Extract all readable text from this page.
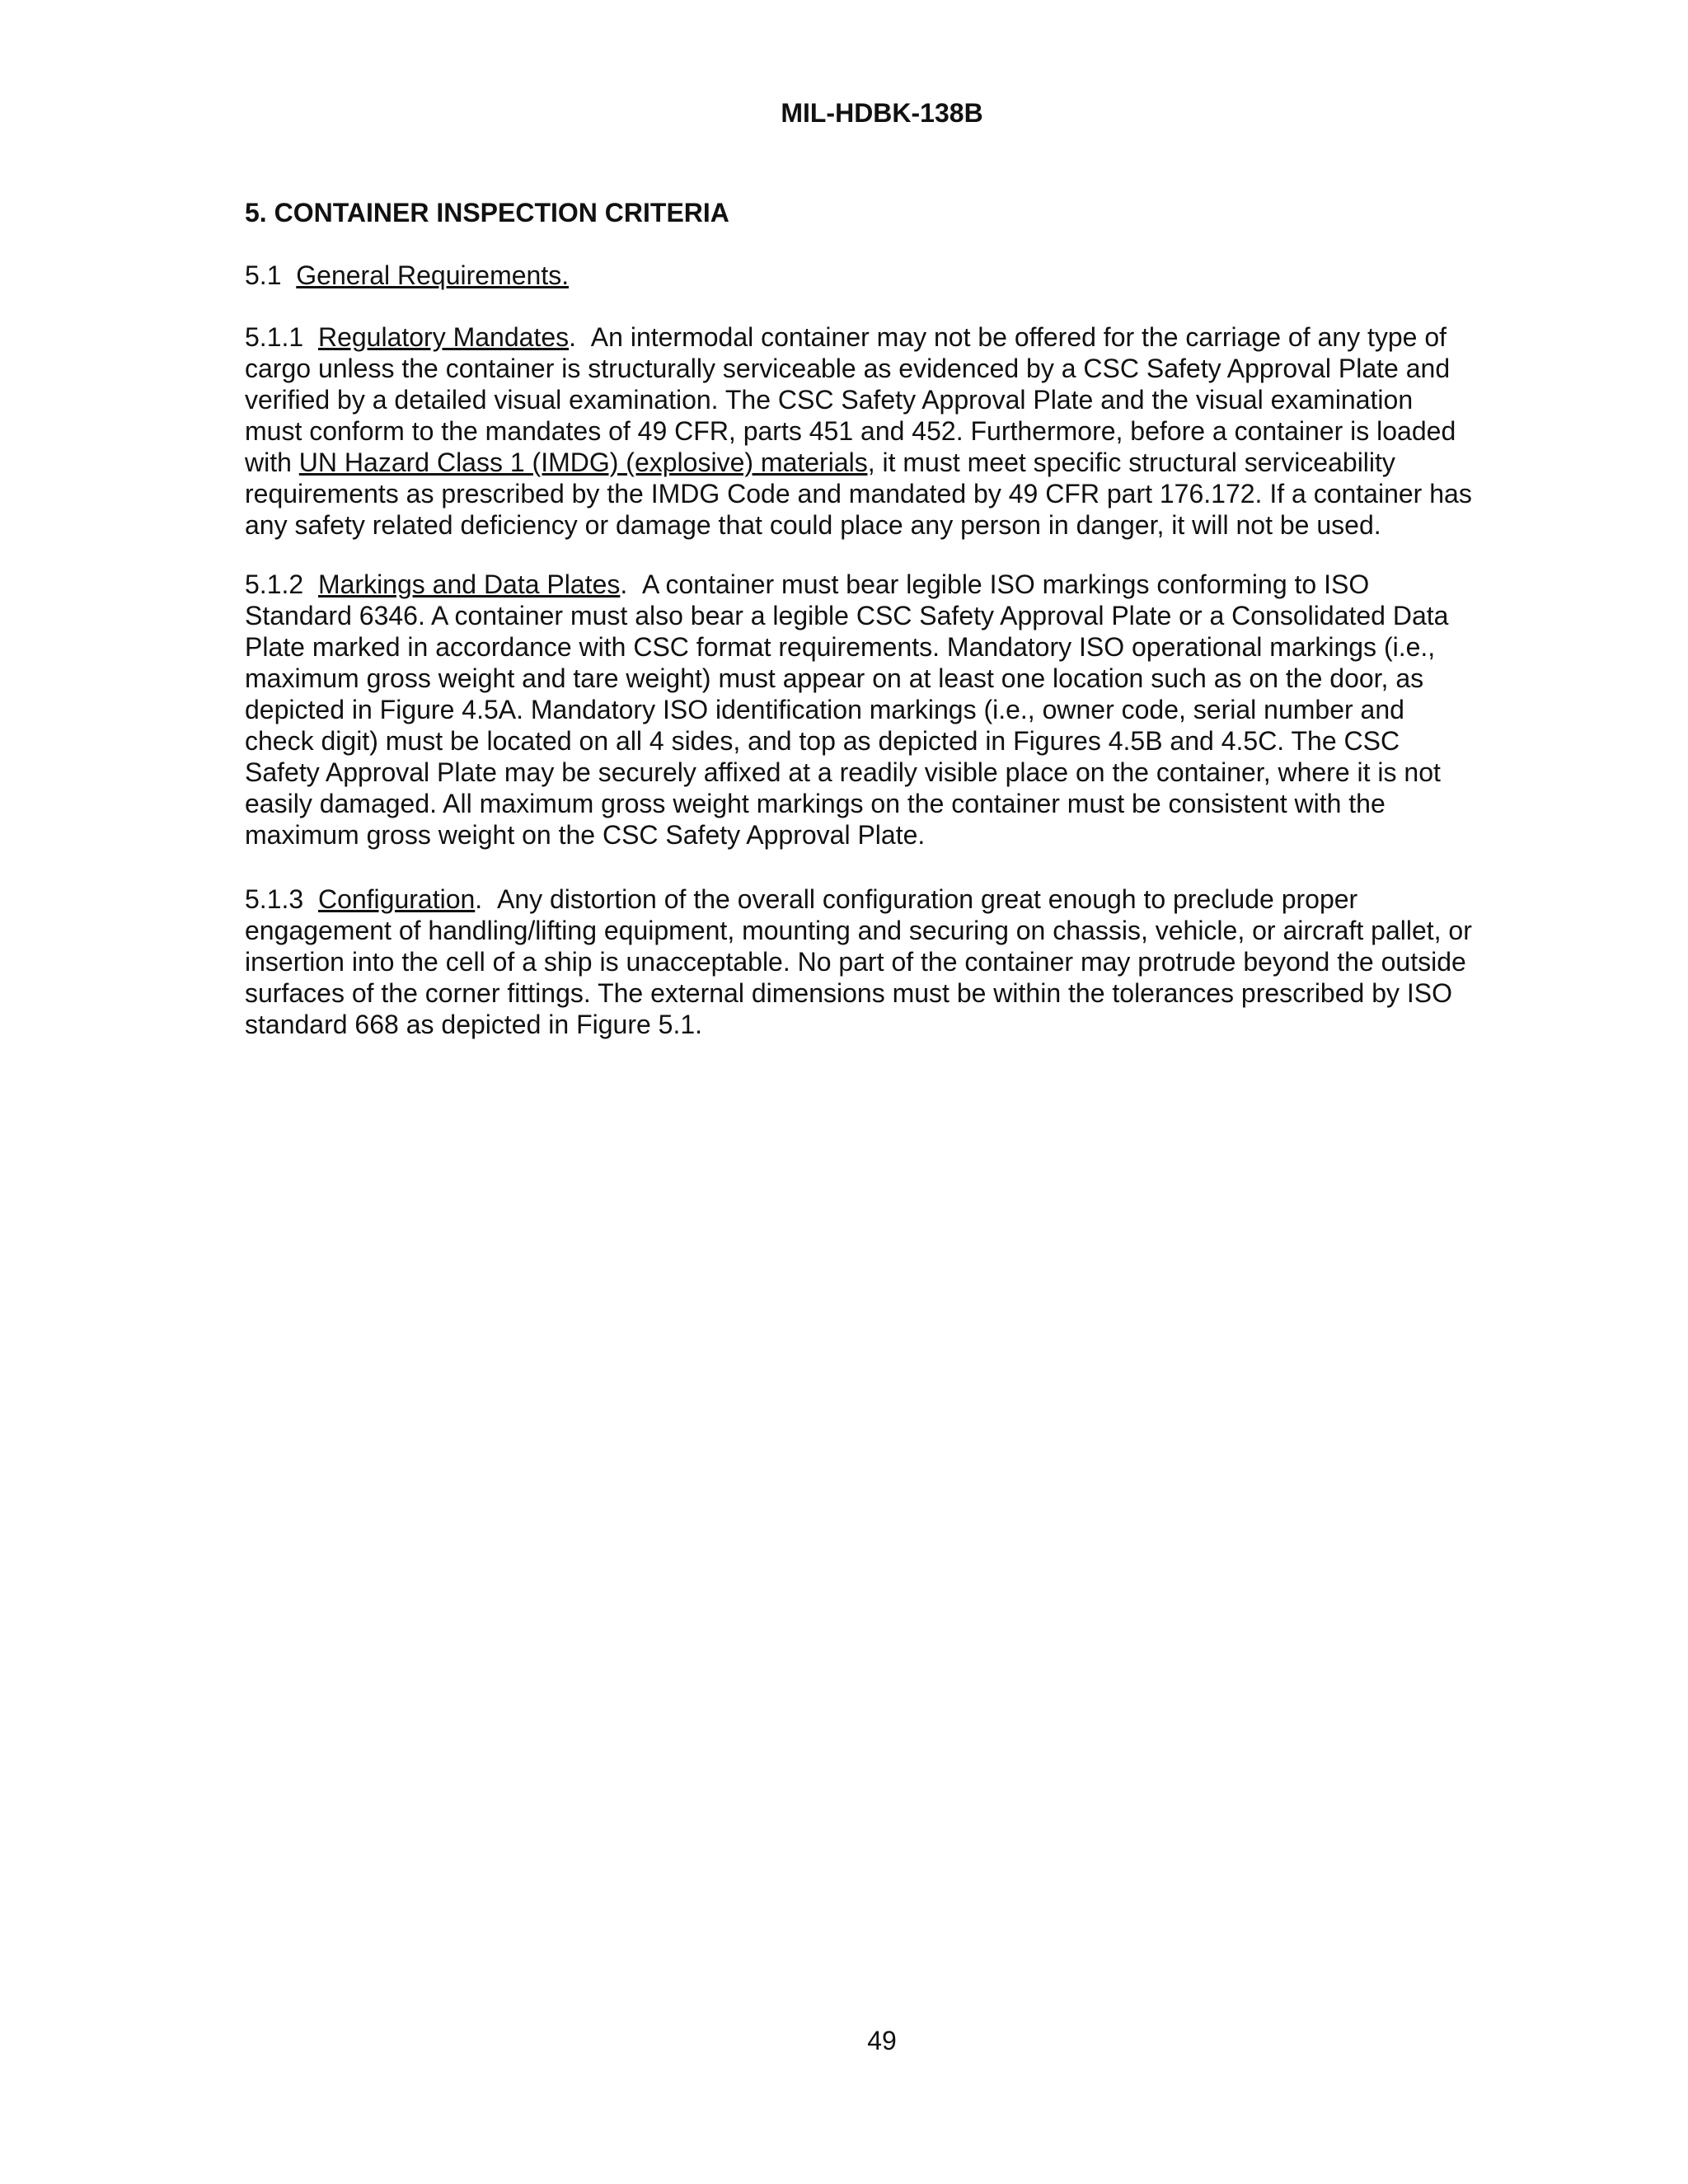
MIL-HDBK-138B
5. CONTAINER INSPECTION CRITERIA
5.1 General Requirements.
5.1.1 Regulatory Mandates. An intermodal container may not be offered for the carriage of any type of
cargo unless the container is structurally serviceable as evidenced by a CSC Safety Approval Plate and
verified by a detailed visual examination. The CSC Safety Approval Plate and the visual examination
must conform to the mandates of 49 CFR, parts 451 and 452. Furthermore, before a container is loaded
with UN Hazard Class 1 (IMDG) (explosive) materials, it must meet specific structural serviceability
requirements as prescribed by the IMDG Code and mandated by 49 CFR part 176.172. If a container has
any safety related deficiency or damage that could place any person in danger, it will not be used.
5.1.2 Markings and Data Plates. A container must bear legible ISO markings conforming to ISO
Standard 6346. A container must also bear a legible CSC Safety Approval Plate or a Consolidated Data
Plate marked in accordance with CSC format requirements. Mandatory ISO operational markings (i.e.,
maximum gross weight and tare weight) must appear on at least one location such as on the door, as
depicted in Figure 4.5A. Mandatory ISO identification markings (i.e., owner code, serial number and
check digit) must be located on all 4 sides, and top as depicted in Figures 4.5B and 4.5C. The CSC
Safety Approval Plate may be securely affixed at a readily visible place on the container, where it is not
easily damaged. All maximum gross weight markings on the container must be consistent with the
maximum gross weight on the CSC Safety Approval Plate.
5.1.3 Configuration. Any distortion of the overall configuration great enough to preclude proper
engagement of handling/lifting equipment, mounting and securing on chassis, vehicle, or aircraft pallet, or
insertion into the cell of a ship is unacceptable. No part of the container may protrude beyond the outside
surfaces of the corner fittings. The external dimensions must be within the tolerances prescribed by ISO
standard 668 as depicted in Figure 5.1.
49
